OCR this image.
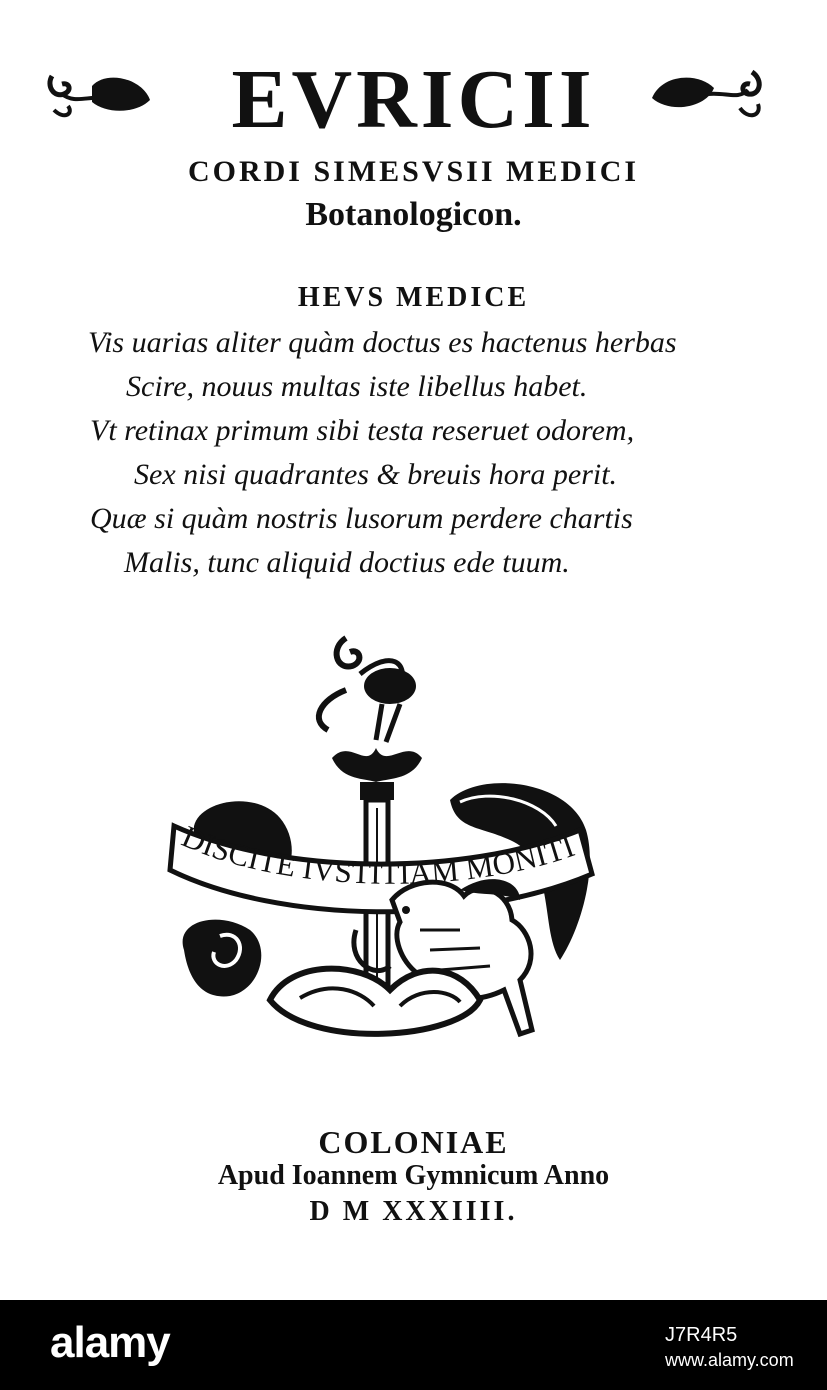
EVRICII
CORDI SIMESVSII MEDICI
Botanologicon.
HEVS MEDICE
Vis uarias aliter quàm doctus es hactenus herbas
Scire, nouus multas iste libellus habet.
Vt retinax primum sibi testa reseruet odorem,
Sex nisi quadrantes & breuis hora perit.
Quæ si quàm nostris lusorum perdere chartis
Malis, tunc aliquid doctius ede tuum.
DISCITE IVSTITIAM MONITI
COLONIAE
Apud Ioannem Gymnicum Anno
D M XXXIIII.
alamy	J7R4R5
www.alamy.com
